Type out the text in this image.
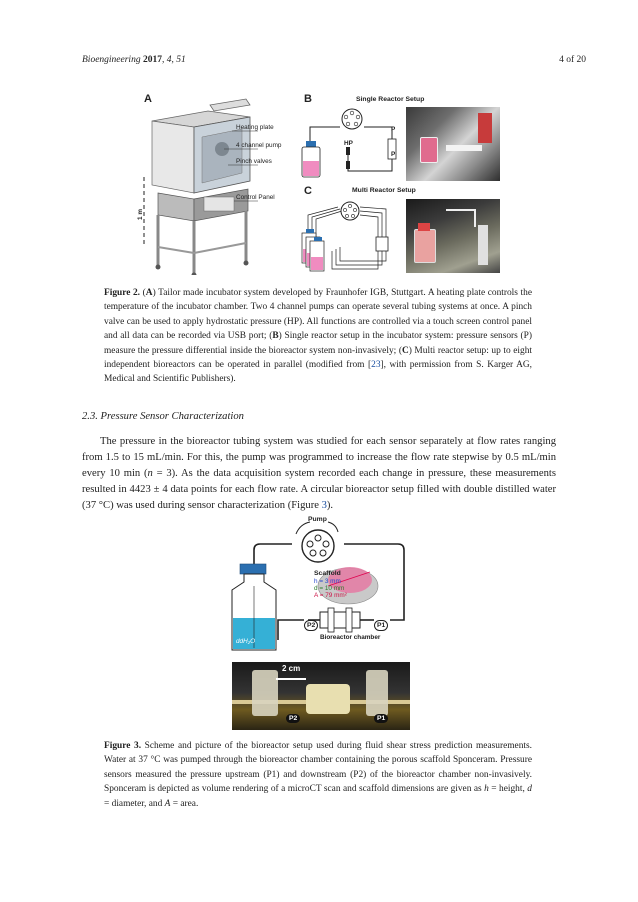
Bioengineering 2017, 4, 51	4 of 20
A
Heating plate
4 channel pump
Pinch valves
Control Panel
1 m
B	Single Reactor Setup
P
HP
P
C	Multi Reactor Setup
Figure 2. (A) Tailor made incubator system developed by Fraunhofer IGB, Stuttgart. A heating plate controls the temperature of the incubator chamber. Two 4 channel pumps can operate several tubing systems at once. A pinch valve can be used to apply hydrostatic pressure (HP). All functions are controlled via a touch screen control panel and all data can be recorded via USB port; (B) Single reactor setup in the incubator system: pressure sensors (P) measure the pressure differential inside the bioreactor system non-invasively; (C) Multi reactor setup: up to eight independent bioreactors can be operated in parallel (modified from [23], with permission from S. Karger AG, Medical and Scientific Publishers).
2.3. Pressure Sensor Characterization
The pressure in the bioreactor tubing system was studied for each sensor separately at flow rates ranging from 1.5 to 15 mL/min. For this, the pump was programmed to increase the flow rate stepwise by 0.5 mL/min every 10 min (n = 3). As the data acquisition system recorded each change in pressure, these measurements resulted in 4423 ± 4 data points for each flow rate. A circular bioreactor setup filled with double distilled water (37 °C) was used during sensor characterization (Figure 3).
Pump
Scaffold
h = 3 mm
d = 10 mm
A = 79 mm²
ddH₂O
P2	P1
Bioreactor chamber
2 cm
P2	P1
Figure 3. Scheme and picture of the bioreactor setup used during fluid shear stress prediction measurements. Water at 37 °C was pumped through the bioreactor chamber containing the porous scaffold Sponceram. Pressure sensors measured the pressure upstream (P1) and downstream (P2) of the bioreactor chamber non-invasively. Sponceram is depicted as volume rendering of a microCT scan and scaffold dimensions are given as h = height, d = diameter, and A = area.
